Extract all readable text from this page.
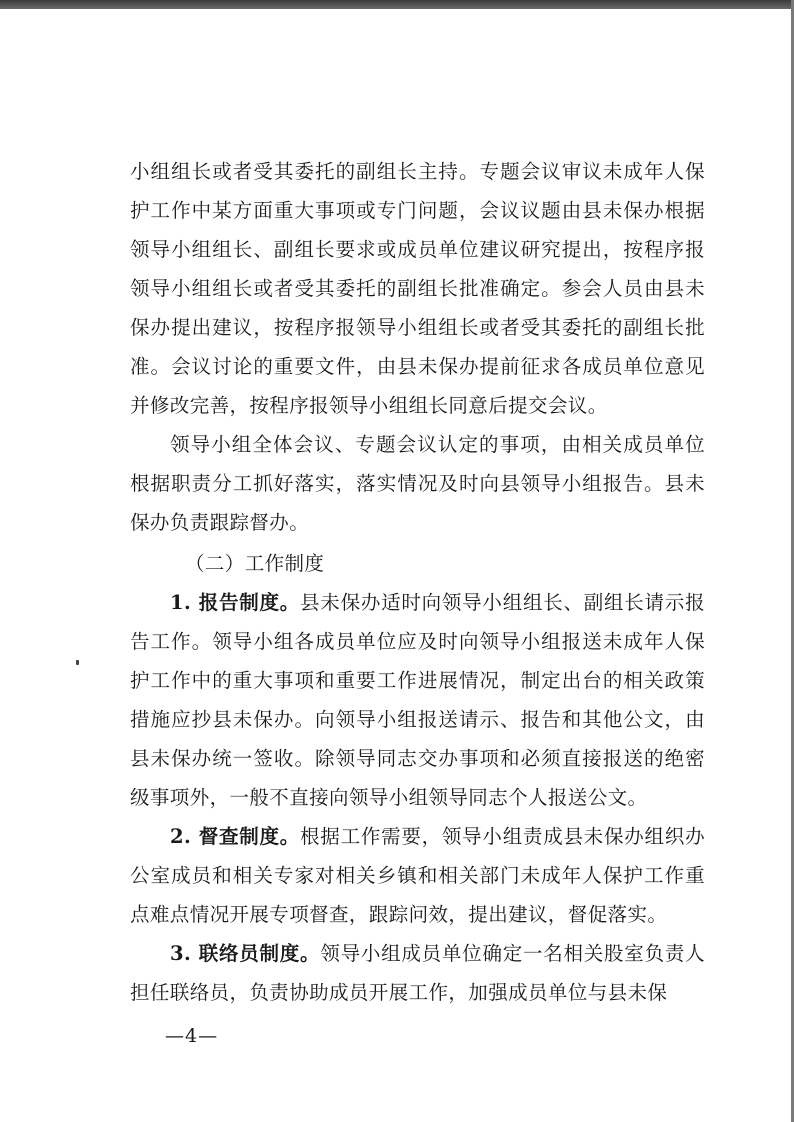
小组组长或者受其委托的副组长主持。专题会议审议未成年人保护工作中某方面重大事项或专门问题，会议议题由县未保办根据领导小组组长、副组长要求或成员单位建议研究提出，按程序报领导小组组长或者受其委托的副组长批准确定。参会人员由县未保办提出建议，按程序报领导小组组长或者受其委托的副组长批准。会议讨论的重要文件，由县未保办提前征求各成员单位意见并修改完善，按程序报领导小组组长同意后提交会议。

领导小组全体会议、专题会议认定的事项，由相关成员单位根据职责分工抓好落实，落实情况及时向县领导小组报告。县未保办负责跟踪督办。

（二）工作制度

1. 报告制度。县未保办适时向领导小组组长、副组长请示报告工作。领导小组各成员单位应及时向领导小组报送未成年人保护工作中的重大事项和重要工作进展情况，制定出台的相关政策措施应抄县未保办。向领导小组报送请示、报告和其他公文，由县未保办统一签收。除领导同志交办事项和必须直接报送的绝密级事项外，一般不直接向领导小组领导同志个人报送公文。

2. 督查制度。根据工作需要，领导小组责成县未保办组织办公室成员和相关专家对相关乡镇和相关部门未成年人保护工作重点难点情况开展专项督查，跟踪问效，提出建议，督促落实。

3. 联络员制度。领导小组成员单位确定一名相关股室负责人担任联络员，负责协助成员开展工作，加强成员单位与县未保

—4—
